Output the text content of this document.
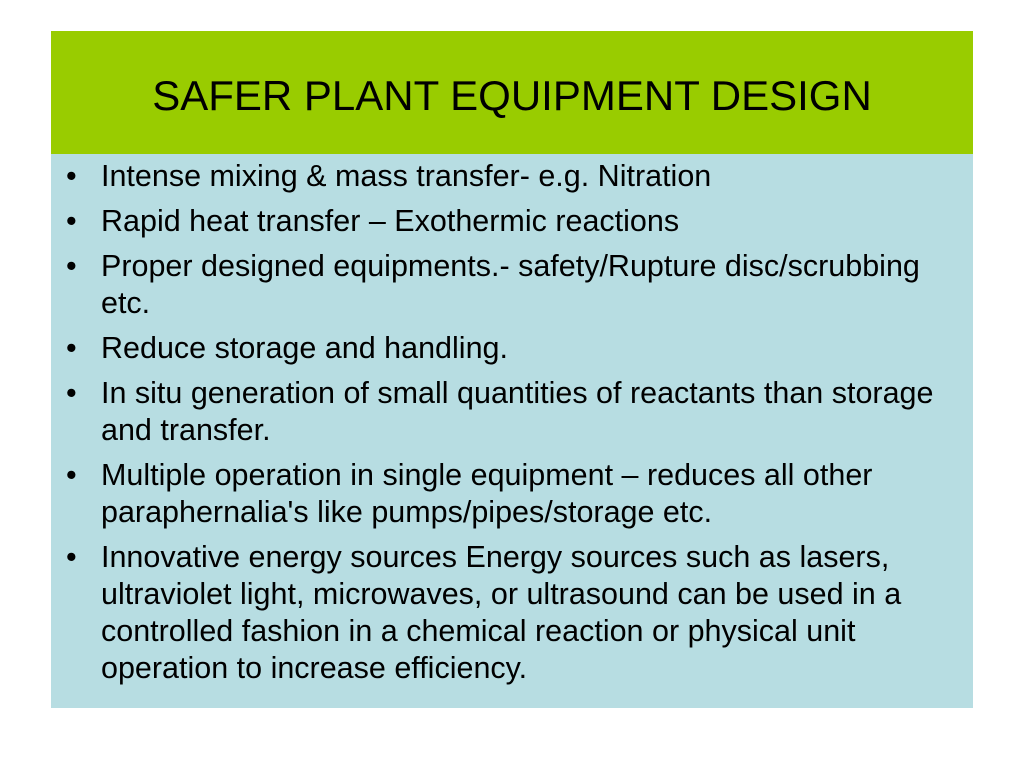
SAFER PLANT EQUIPMENT DESIGN
• Intense mixing & mass transfer- e.g. Nitration
• Rapid heat transfer – Exothermic reactions
• Proper designed equipments.- safety/Rupture disc/scrubbing etc.
• Reduce storage and handling.
• In situ generation of small quantities of reactants than storage and transfer.
• Multiple operation in single equipment – reduces all other paraphernalia's like pumps/pipes/storage etc.
• Innovative energy sources Energy sources such as lasers, ultraviolet light, microwaves, or ultrasound can be used in a controlled fashion in a chemical reaction or physical unit operation to increase efficiency.
